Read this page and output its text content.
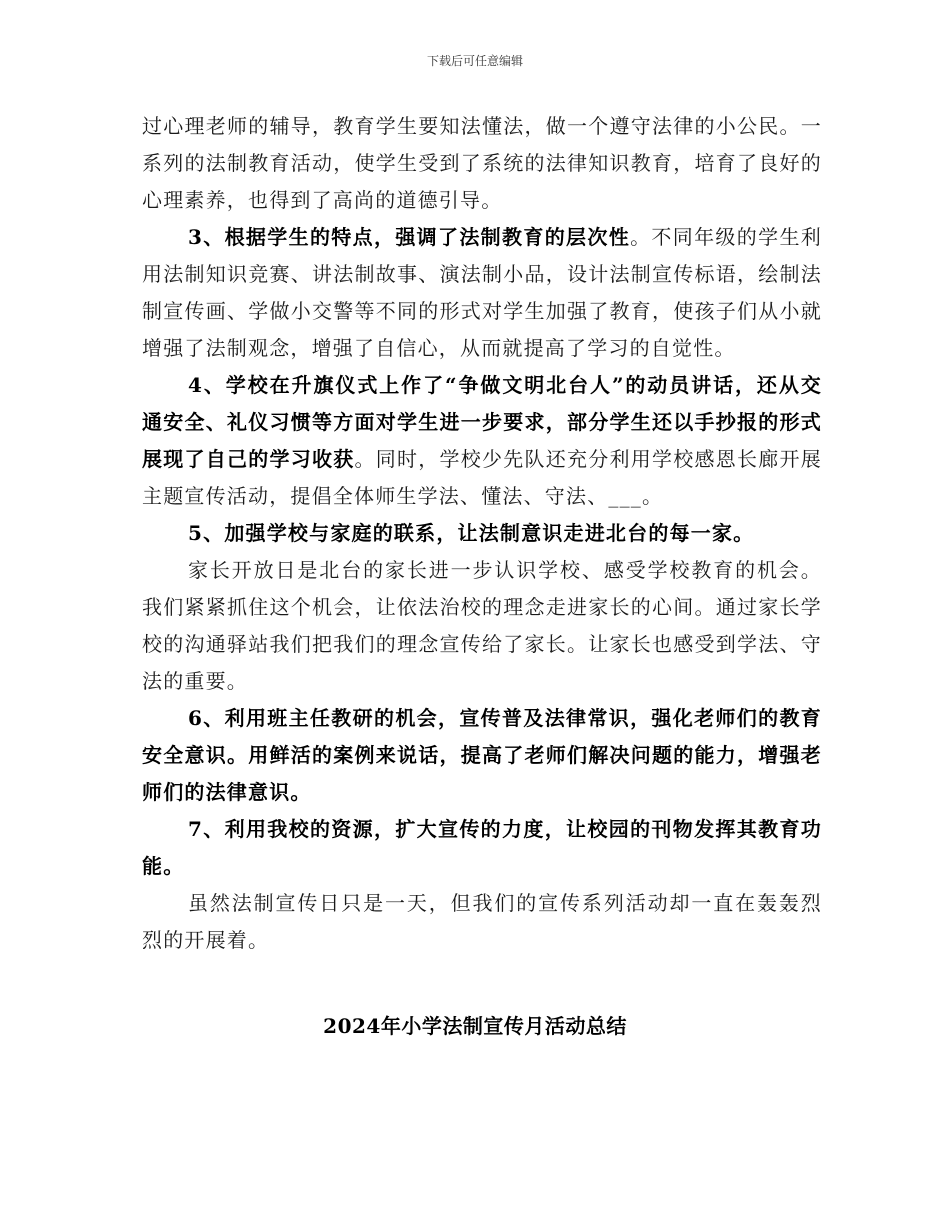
下载后可任意编辑

过心理老师的辅导，教育学生要知法懂法，做一个遵守法律的小公民。一系列的法制教育活动，使学生受到了系统的法律知识教育，培育了良好的心理素养，也得到了高尚的道德引导。

3、根据学生的特点，强调了法制教育的层次性。不同年级的学生利用法制知识竞赛、讲法制故事、演法制小品，设计法制宣传标语，绘制法制宣传画、学做小交警等不同的形式对学生加强了教育，使孩子们从小就增强了法制观念，增强了自信心，从而就提高了学习的自觉性。

4、学校在升旗仪式上作了“争做文明北台人”的动员讲话，还从交通安全、礼仪习惯等方面对学生进一步要求，部分学生还以手抄报的形式展现了自己的学习收获。同时，学校少先队还充分利用学校感恩长廊开展主题宣传活动，提倡全体师生学法、懂法、守法、___。

5、加强学校与家庭的联系，让法制意识走进北台的每一家。

家长开放日是北台的家长进一步认识学校、感受学校教育的机会。我们紧紧抓住这个机会，让依法治校的理念走进家长的心间。通过家长学校的沟通驿站我们把我们的理念宣传给了家长。让家长也感受到学法、守法的重要。

6、利用班主任教研的机会，宣传普及法律常识，强化老师们的教育安全意识。用鲜活的案例来说话，提高了老师们解决问题的能力，增强老师们的法律意识。

7、利用我校的资源，扩大宣传的力度，让校园的刊物发挥其教育功能。

虽然法制宣传日只是一天，但我们的宣传系列活动却一直在轰轰烈烈的开展着。

2024年小学法制宣传月活动总结
